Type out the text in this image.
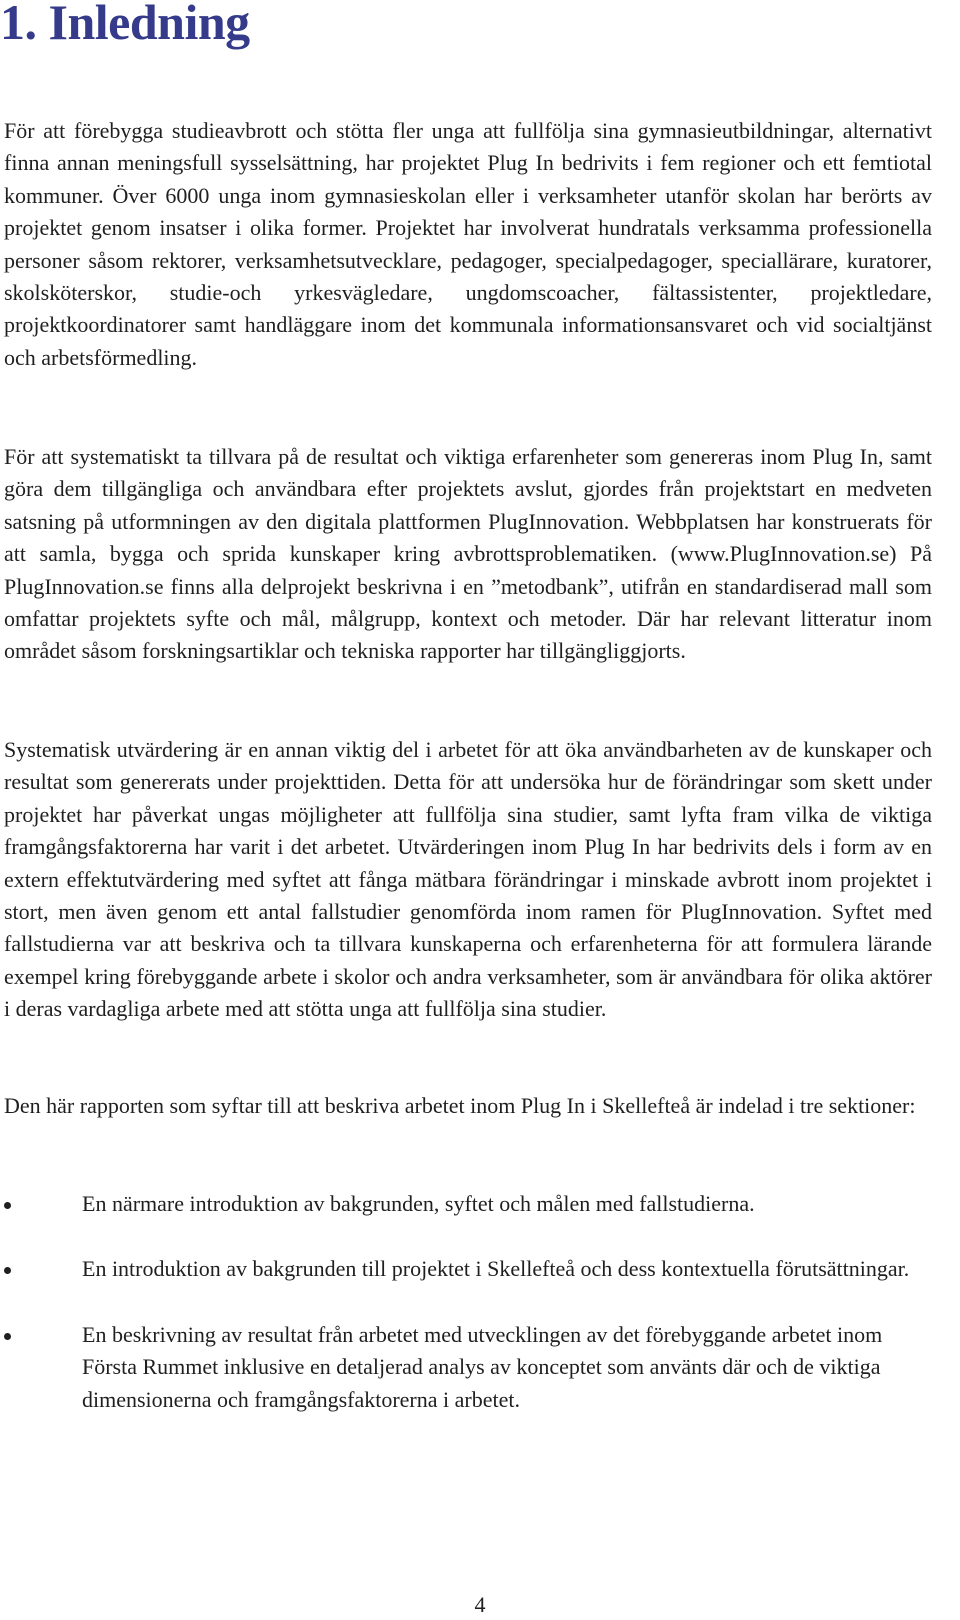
1. Inledning

För att förebygga studieavbrott och stötta fler unga att fullfölja sina gymnasieutbildningar, alternativt finna annan meningsfull sysselsättning, har projektet Plug In bedrivits i fem regioner och ett femtiotal kommuner. Över 6000 unga inom gymnasieskolan eller i verksamheter utanför skolan har berörts av projektet genom insatser i olika former. Projektet har involverat hundratals verksamma professionella personer såsom rektorer, verksamhetsutvecklare, pedagoger, specialpedagoger, speciallärare, kuratorer, skolsköterskor, studie-och yrkesvägledare, ungdomscoacher, fältassistenter, projektledare, projektkoordinatorer samt handläggare inom det kommunala informationsansvaret och vid socialtjänst och arbetsförmedling.

För att systematiskt ta tillvara på de resultat och viktiga erfarenheter som genereras inom Plug In, samt göra dem tillgängliga och användbara efter projektets avslut, gjordes från projektstart en medveten satsning på utformningen av den digitala plattformen PlugInnovation. Webbplatsen har konstruerats för att samla, bygga och sprida kunskaper kring avbrottsproblematiken. (www.PlugInnovation.se) På PlugInnovation.se finns alla delprojekt beskrivna i en ”metodbank”, utifrån en standardiserad mall som omfattar projektets syfte och mål, målgrupp, kontext och metoder. Där har relevant litteratur inom området såsom forskningsartiklar och tekniska rapporter har tillgängliggjorts.

Systematisk utvärdering är en annan viktig del i arbetet för att öka användbarheten av de kunskaper och resultat som genererats under projekttiden. Detta för att undersöka hur de förändringar som skett under projektet har påverkat ungas möjligheter att fullfölja sina studier, samt lyfta fram vilka de viktiga framgångsfaktorerna har varit i det arbetet. Utvärderingen inom Plug In har bedrivits dels i form av en extern effektutvärdering med syftet att fånga mätbara förändringar i minskade avbrott inom projektet i stort, men även genom ett antal fallstudier genomförda inom ramen för PlugInnovation. Syftet med fallstudierna var att beskriva och ta tillvara kunskaperna och erfarenheterna för att formulera lärande exempel kring förebyggande arbete i skolor och andra verksamheter, som är användbara för olika aktörer i deras vardagliga arbete med att stötta unga att fullfölja sina studier.

Den här rapporten som syftar till att beskriva arbetet inom Plug In i Skellefteå är indelad i tre sektioner:

En närmare introduktion av bakgrunden, syftet och målen med fallstudierna.
En introduktion av bakgrunden till projektet i Skellefteå och dess kontextuella förutsättningar.
En beskrivning av resultat från arbetet med utvecklingen av det förebyggande arbetet inom Första Rummet inklusive en detaljerad analys av konceptet som använts där och de viktiga dimensionerna och framgångsfaktorerna i arbetet.
4
